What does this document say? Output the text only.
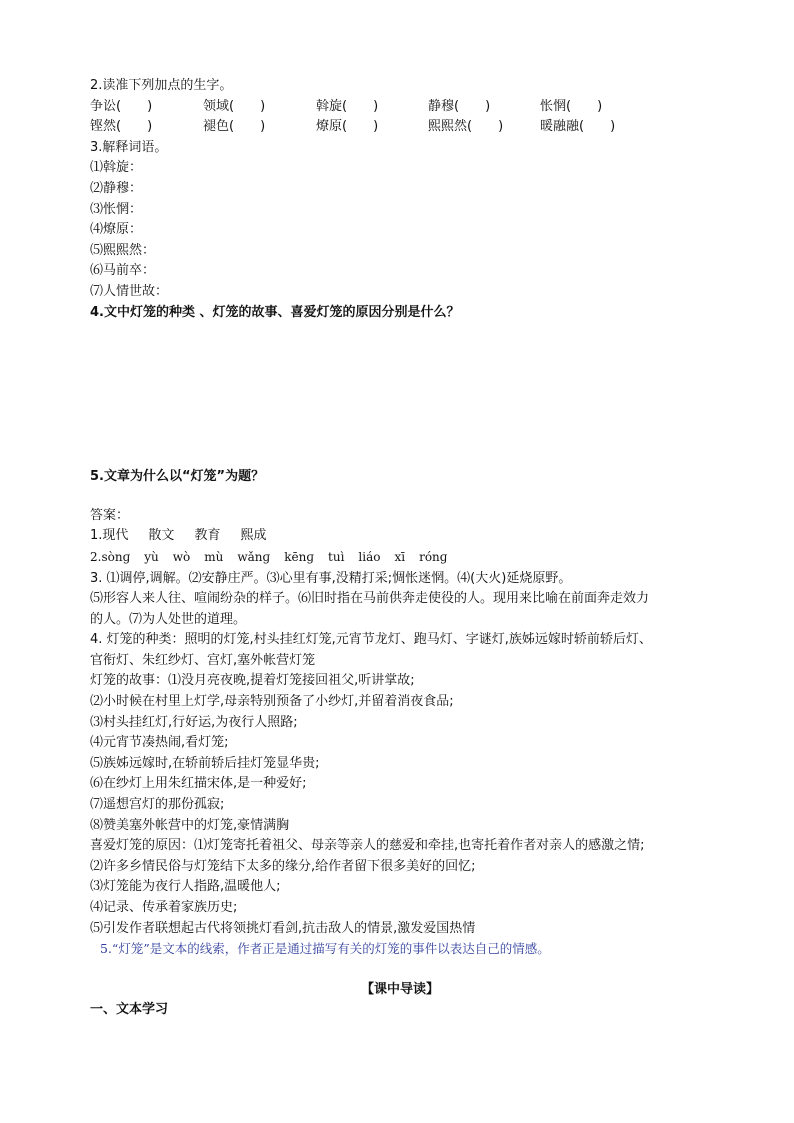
2.读准下列加点的生字。
争讼(　　)	领域(　　)	斡旋(　　)	静穆(　　)	怅惘(　　)
铿然(　　)	褪色(　　)	燎原(　　)	熙熙然(　　)	暖融融(　　)
3.解释词语。
⑴斡旋：
⑵静穆：
⑶怅惘：
⑷燎原：
⑸熙熙然：
⑹马前卒：
⑺人情世故：
4.文中灯笼的种类 、灯笼的故事、喜爱灯笼的原因分别是什么？
5.文章为什么以“灯笼”为题？
答案：
1.现代 散文 教育 熙成
2.sònɡ yù wò mù wǎnɡ kēnɡ tuì liáo xī rónɡ
3. ⑴调停,调解。⑵安静庄严。⑶心里有事,没精打采;惆怅迷惘。⑷(大火)延烧原野。
⑸形容人来人往、喧闹纷杂的样子。⑹旧时指在马前供奔走使役的人。现用来比喻在前面奔走效力
的人。⑺为人处世的道理。
4. 灯笼的种类：照明的灯笼,村头挂红灯笼,元宵节龙灯、跑马灯、字谜灯,族姊远嫁时轿前轿后灯、
官衔灯、朱红纱灯、宫灯,塞外帐营灯笼
灯笼的故事：⑴没月亮夜晚,提着灯笼接回祖父,听讲掌故;
⑵小时候在村里上灯学,母亲特别预备了小纱灯,并留着消夜食品;
⑶村头挂红灯,行好运,为夜行人照路;
⑷元宵节凑热闹,看灯笼;
⑸族姊远嫁时,在轿前轿后挂灯笼显华贵;
⑹在纱灯上用朱红描宋体,是一种爱好;
⑺遥想宫灯的那份孤寂;
⑻赞美塞外帐营中的灯笼,豪情满胸
喜爱灯笼的原因：⑴灯笼寄托着祖父、母亲等亲人的慈爱和牵挂,也寄托着作者对亲人的感激之情;
⑵许多乡情民俗与灯笼结下太多的缘分,给作者留下很多美好的回忆;
⑶灯笼能为夜行人指路,温暖他人;
⑷记录、传承着家族历史;
⑸引发作者联想起古代将领挑灯看剑,抗击敌人的情景,激发爱国热情
5.“灯笼”是文本的线索，作者正是通过描写有关的灯笼的事件以表达自己的情感。
【课中导读】
一、文本学习
